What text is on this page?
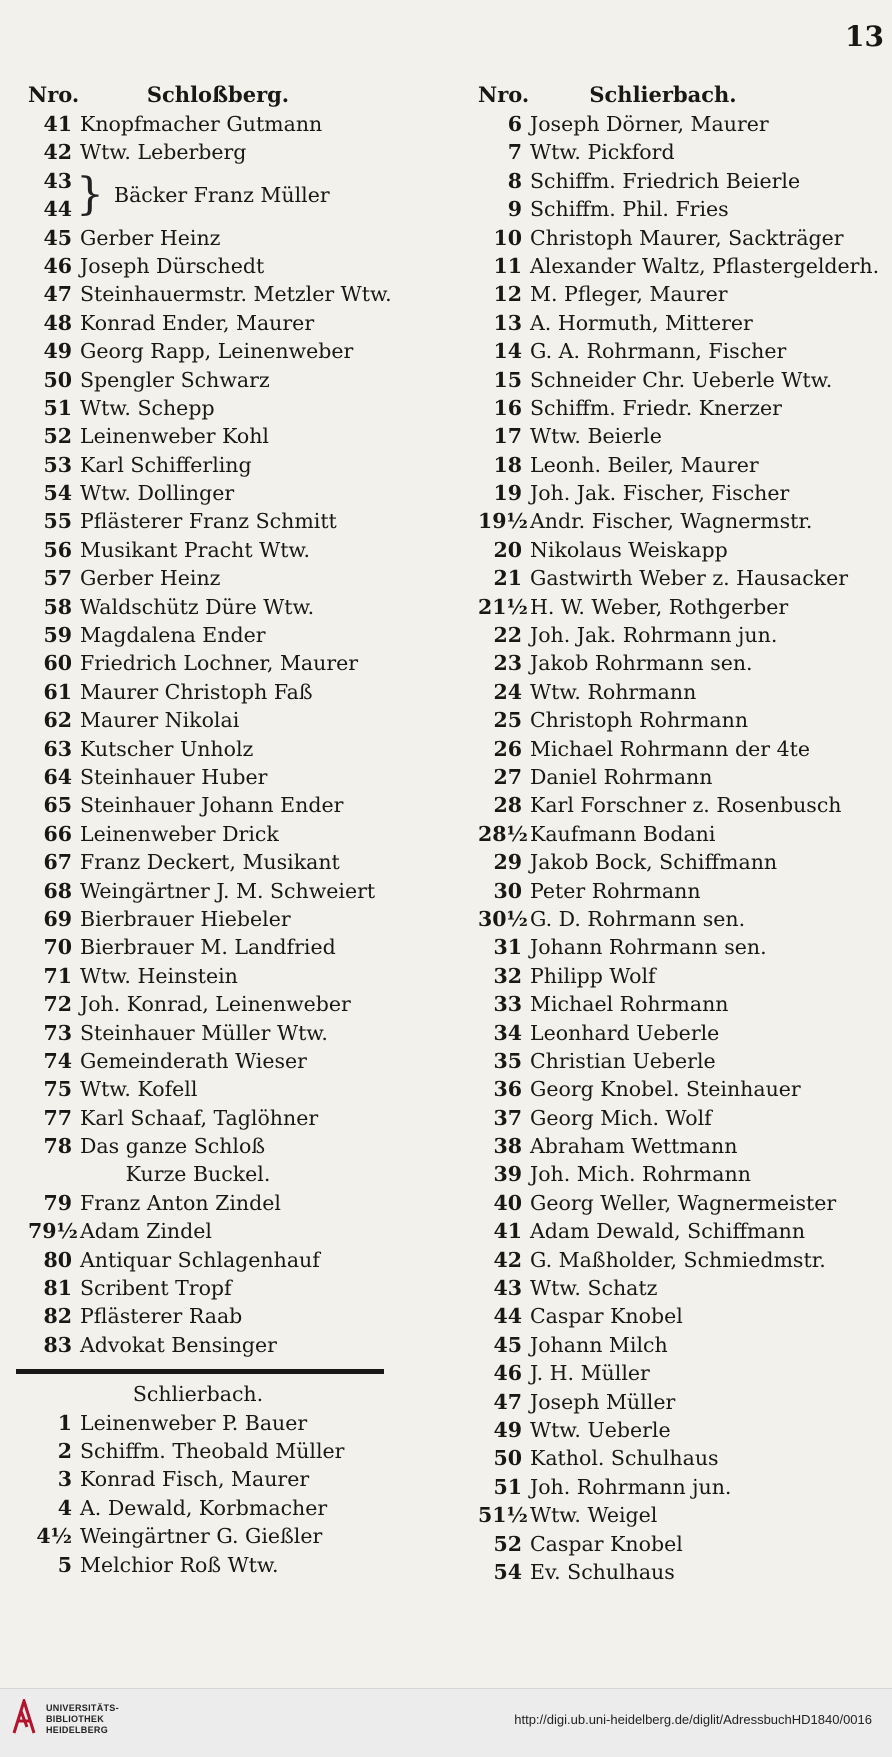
13
Nro.	Schloßberg.
41 Knopfmacher Gutmann
42 Wtw. Leberberg
43
44 } Bäcker Franz Müller
45 Gerber Heinz
46 Joseph Dürschedt
47 Steinhauermstr. Metzler Wtw.
48 Konrad Ender, Maurer
49 Georg Rapp, Leinenweber
50 Spengler Schwarz
51 Wtw. Schepp
52 Leinenweber Kohl
53 Karl Schifferling
54 Wtw. Dollinger
55 Pflästerer Franz Schmitt
56 Musikant Pracht Wtw.
57 Gerber Heinz
58 Waldschütz Düre Wtw.
59 Magdalena Ender
60 Friedrich Lochner, Maurer
61 Maurer Christoph Faß
62 Maurer Nikolai
63 Kutscher Unholz
64 Steinhauer Huber
65 Steinhauer Johann Ender
66 Leinenweber Drick
67 Franz Deckert, Musikant
68 Weingärtner J. M. Schweiert
69 Bierbrauer Hiebeler
70 Bierbrauer M. Landfried
71 Wtw. Heinstein
72 Joh. Konrad, Leinenweber
73 Steinhauer Müller Wtw.
74 Gemeinderath Wieser
75 Wtw. Kofell
77 Karl Schaaf, Taglöhner
78 Das ganze Schloß
Kurze Buckel.
79 Franz Anton Zindel
79½ Adam Zindel
80 Antiquar Schlagenhauf
81 Scribent Tropf
82 Pflästerer Raab
83 Advokat Bensinger
Schlierbach.
1 Leinenweber P. Bauer
2 Schiffm. Theobald Müller
3 Konrad Fisch, Maurer
4 A. Dewald, Korbmacher
4½ Weingärtner G. Gießler
5 Melchior Roß Wtw.
Nro.	Schlierbach.
6 Joseph Dörner, Maurer
7 Wtw. Pickford
8 Schiffm. Friedrich Beierle
9 Schiffm. Phil. Fries
10 Christoph Maurer, Sackträger
11 Alexander Waltz, Pflastergelderh.
12 M. Pfleger, Maurer
13 A. Hormuth, Mitterer
14 G. A. Rohrmann, Fischer
15 Schneider Chr. Ueberle Wtw.
16 Schiffm. Friedr. Knerzer
17 Wtw. Beierle
18 Leonh. Beiler, Maurer
19 Joh. Jak. Fischer, Fischer
19½ Andr. Fischer, Wagnermstr.
20 Nikolaus Weiskapp
21 Gastwirth Weber z. Hausacker
21½ H. W. Weber, Rothgerber
22 Joh. Jak. Rohrmann jun.
23 Jakob Rohrmann sen.
24 Wtw. Rohrmann
25 Christoph Rohrmann
26 Michael Rohrmann der 4te
27 Daniel Rohrmann
28 Karl Forschner z. Rosenbusch
28½ Kaufmann Bodani
29 Jakob Bock, Schiffmann
30 Peter Rohrmann
30½ G. D. Rohrmann sen.
31 Johann Rohrmann sen.
32 Philipp Wolf
33 Michael Rohrmann
34 Leonhard Ueberle
35 Christian Ueberle
36 Georg Knobel. Steinhauer
37 Georg Mich. Wolf
38 Abraham Wettmann
39 Joh. Mich. Rohrmann
40 Georg Weller, Wagnermeister
41 Adam Dewald, Schiffmann
42 G. Maßholder, Schmiedmstr.
43 Wtw. Schatz
44 Caspar Knobel
45 Johann Milch
46 J. H. Müller
47 Joseph Müller
49 Wtw. Ueberle
50 Kathol. Schulhaus
51 Joh. Rohrmann jun.
51½ Wtw. Weigel
52 Caspar Knobel
54 Ev. Schulhaus
UNIVERSITÄTS-
BIBLIOTHEK
HEIDELBERG
http://digi.ub.uni-heidelberg.de/diglit/AdressbuchHD1840/0016
